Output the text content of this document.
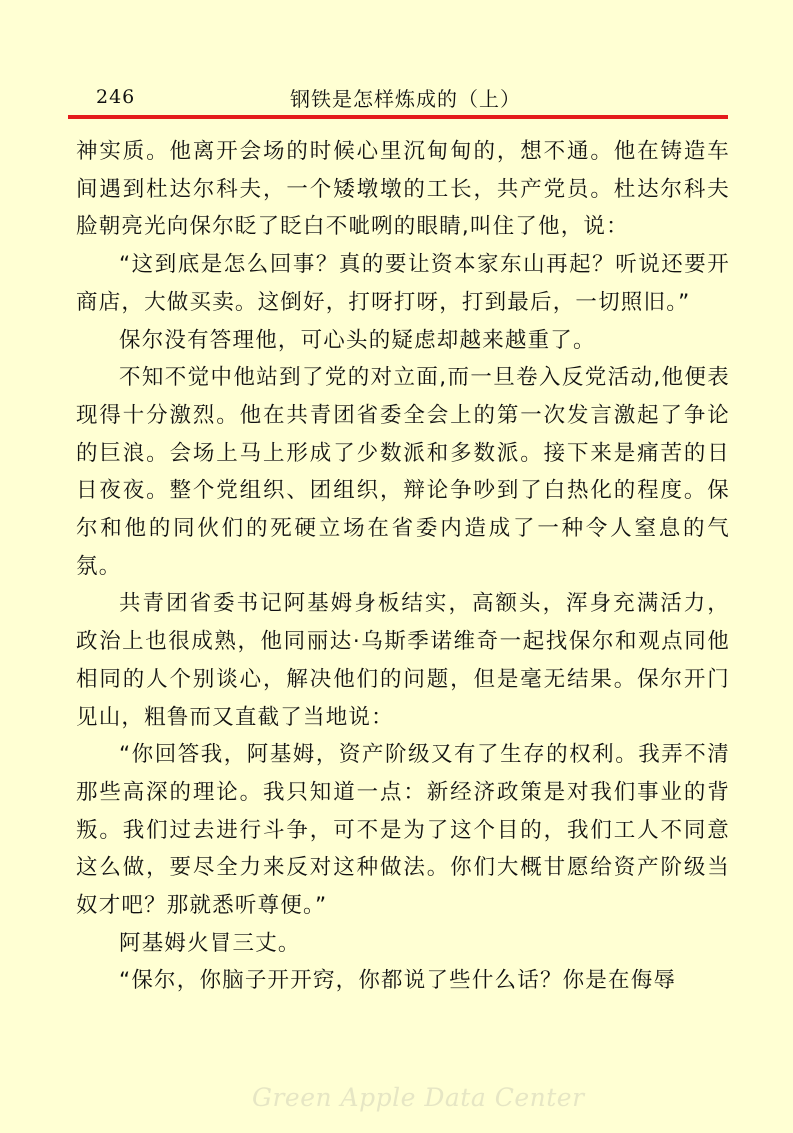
246	钢铁是怎样炼成的（上）

神实质。他离开会场的时候心里沉甸甸的，想不通。他在铸造车间遇到杜达尔科夫，一个矮墩墩的工长，共产党员。杜达尔科夫脸朝亮光向保尔眨了眨白不呲咧的眼睛,叫住了他，说：

“这到底是怎么回事？真的要让资本家东山再起？听说还要开商店，大做买卖。这倒好，打呀打呀，打到最后，一切照旧。”

保尔没有答理他，可心头的疑虑却越来越重了。

不知不觉中他站到了党的对立面,而一旦卷入反党活动,他便表现得十分激烈。他在共青团省委全会上的第一次发言激起了争论的巨浪。会场上马上形成了少数派和多数派。接下来是痛苦的日日夜夜。整个党组织、团组织，辩论争吵到了白热化的程度。保尔和他的同伙们的死硬立场在省委内造成了一种令人窒息的气氛。

共青团省委书记阿基姆身板结实，高额头，浑身充满活力，政治上也很成熟，他同丽达·乌斯季诺维奇一起找保尔和观点同他相同的人个别谈心，解决他们的问题，但是毫无结果。保尔开门见山，粗鲁而又直截了当地说：

“你回答我，阿基姆，资产阶级又有了生存的权利。我弄不清那些高深的理论。我只知道一点：新经济政策是对我们事业的背叛。我们过去进行斗争，可不是为了这个目的，我们工人不同意这么做，要尽全力来反对这种做法。你们大概甘愿给资产阶级当奴才吧？那就悉听尊便。”

阿基姆火冒三丈。

“保尔，你脑子开开窍，你都说了些什么话？你是在侮辱

Green Apple Data Center
